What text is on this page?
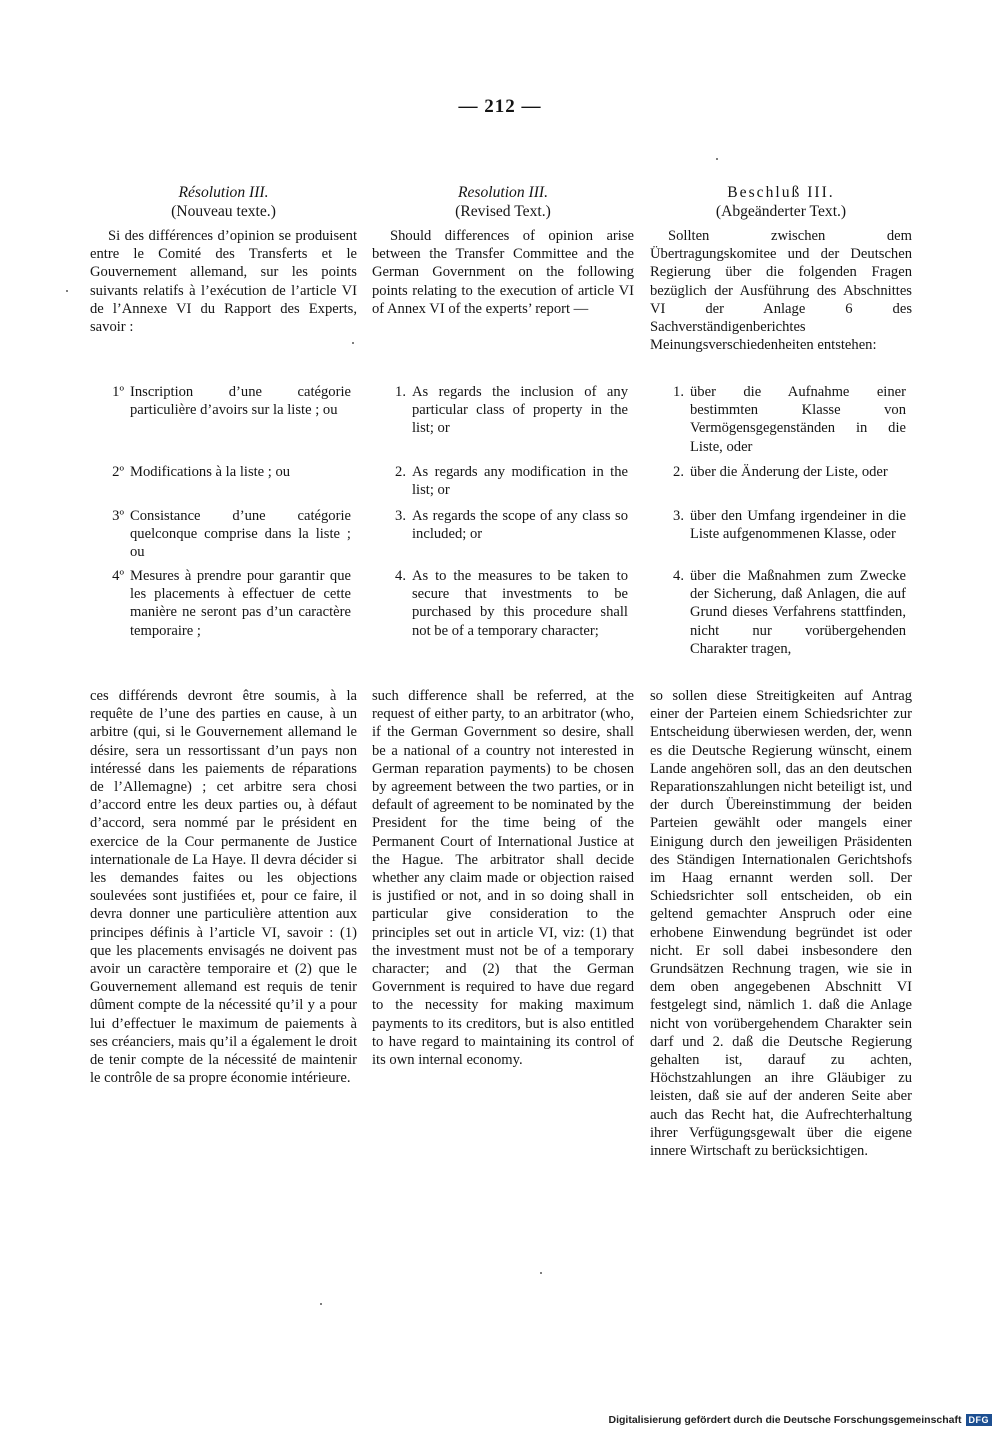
— 212 —
Résolution III.
(Nouveau texte.)

Si des différences d’opinion se produisent entre le Comité des Transferts et le Gouvernement allemand, sur les points suivants relatifs à l’exécution de l’article VI de l’Annexe VI du Rapport des Experts, savoir :

1º Inscription d’une catégorie particulière d’avoirs sur la liste ; ou
2º Modifications à la liste ; ou
3º Consistance d’une catégorie quelconque comprise dans la liste ; ou
4º Mesures à prendre pour garantir que les placements à effectuer de cette manière ne seront pas d’un caractère temporaire ;

ces différends devront être soumis, à la requête de l’une des parties en cause, à un arbitre (qui, si le Gouvernement allemand le désire, sera un ressortissant d’un pays non intéressé dans les paiements de réparations de l’Allemagne) ; cet arbitre sera chosi d’accord entre les deux parties ou, à défaut d’accord, sera nommé par le président en exercice de la Cour permanente de Justice internationale de La Haye. Il devra décider si les demandes faites ou les objections soulevées sont justifiées et, pour ce faire, il devra donner une particulière attention aux principes définis à l’article VI, savoir : (1) que les placements envisagés ne doivent pas avoir un caractère temporaire et (2) que le Gouvernement allemand est requis de tenir dûment compte de la nécessité qu’il y a pour lui d’effectuer le maximum de paiements à ses créanciers, mais qu’il a également le droit de tenir compte de la nécessité de maintenir le contrôle de sa propre économie intérieure.

Resolution III.
(Revised Text.)

Should differences of opinion arise between the Transfer Committee and the German Government on the following points relating to the execution of article VI of Annex VI of the experts’ report —

1. As regards the inclusion of any particular class of property in the list; or
2. As regards any modification in the list; or
3. As regards the scope of any class so included; or
4. As to the measures to be taken to secure that investments to be purchased by this procedure shall not be of a temporary character;

such difference shall be referred, at the request of either party, to an arbitrator (who, if the German Government so desire, shall be a national of a country not interested in German reparation payments) to be chosen by agreement between the two parties, or in default of agreement to be nominated by the President for the time being of the Permanent Court of International Justice at the Hague. The arbitrator shall decide whether any claim made or objection raised is justified or not, and in so doing shall in particular give consideration to the principles set out in article VI, viz: (1) that the investment must not be of a temporary character; and (2) that the German Government is required to have due regard to the necessity for making maximum payments to its creditors, but is also entitled to have regard to maintaining its control of its own internal economy.

Beschluß III.
(Abgeänderter Text.)

Sollten zwischen dem Übertragungskomitee und der Deutschen Regierung über die folgenden Fragen bezüglich der Ausführung des Abschnittes VI der Anlage 6 des Sachverständigenberichtes Meinungsverschiedenheiten entstehen:

1. über die Aufnahme einer bestimmten Klasse von Vermögensgegenständen in die Liste, oder
2. über die Änderung der Liste, oder
3. über den Umfang irgendeiner in die Liste aufgenommenen Klasse, oder
4. über die Maßnahmen zum Zwecke der Sicherung, daß Anlagen, die auf Grund dieses Verfahrens stattfinden, nicht nur vorübergehenden Charakter tragen,

so sollen diese Streitigkeiten auf Antrag einer der Parteien einem Schiedsrichter zur Entscheidung überwiesen werden, der, wenn es die Deutsche Regierung wünscht, einem Lande angehören soll, das an den deutschen Reparationszahlungen nicht beteiligt ist, und der durch Übereinstimmung der beiden Parteien gewählt oder mangels einer Einigung durch den jeweiligen Präsidenten des Ständigen Internationalen Gerichtshofs im Haag ernannt werden soll. Der Schiedsrichter soll entscheiden, ob ein geltend gemachter Anspruch oder eine erhobene Einwendung begründet ist oder nicht. Er soll dabei insbesondere den Grundsätzen Rechnung tragen, wie sie in dem oben angegebenen Abschnitt VI festgelegt sind, nämlich 1. daß die Anlage nicht von vorübergehendem Charakter sein darf und 2. daß die Deutsche Regierung gehalten ist, darauf zu achten, Höchstzahlungen an ihre Gläubiger zu leisten, daß sie auf der anderen Seite aber auch das Recht hat, die Aufrechterhaltung ihrer Verfügungsgewalt über die eigene innere Wirtschaft zu berücksichtigen.

Digitalisierung gefördert durch die Deutsche Forschungsgemeinschaft DFG
